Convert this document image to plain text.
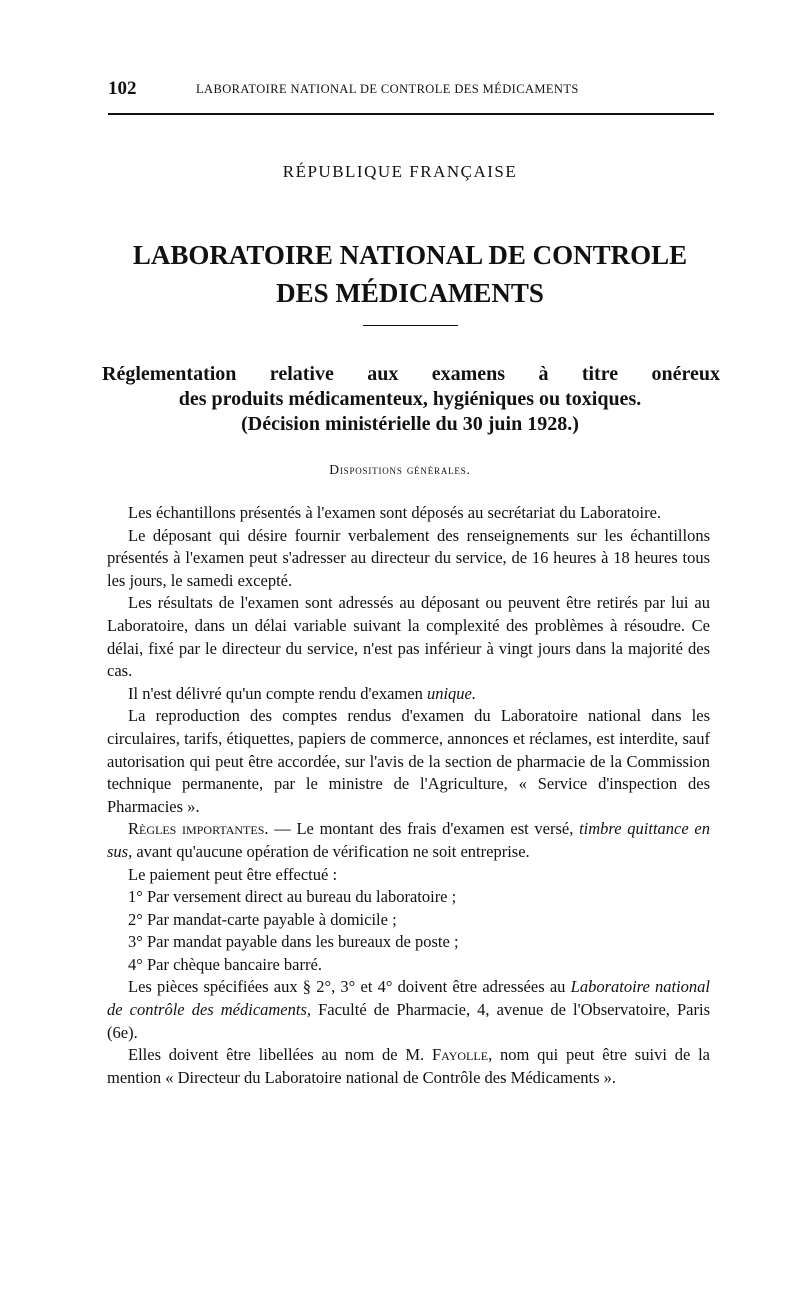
102	LABORATOIRE NATIONAL DE CONTROLE DES MÉDICAMENTS
RÉPUBLIQUE FRANÇAISE
LABORATOIRE NATIONAL DE CONTROLE
DES MÉDICAMENTS
Réglementation relative aux examens à titre onéreux
des produits médicamenteux, hygiéniques ou toxiques.
(Décision ministérielle du 30 juin 1928.)
Dispositions générales.

Les échantillons présentés à l'examen sont déposés au secrétariat du Laboratoire.

Le déposant qui désire fournir verbalement des renseignements sur les échantillons présentés à l'examen peut s'adresser au directeur du service, de 16 heures à 18 heures tous les jours, le samedi excepté.

Les résultats de l'examen sont adressés au déposant ou peuvent être retirés par lui au Laboratoire, dans un délai variable suivant la complexité des problèmes à résoudre. Ce délai, fixé par le directeur du service, n'est pas inférieur à vingt jours dans la majorité des cas.

Il n'est délivré qu'un compte rendu d'examen unique.

La reproduction des comptes rendus d'examen du Laboratoire national dans les circulaires, tarifs, étiquettes, papiers de commerce, annonces et réclames, est interdite, sauf autorisation qui peut être accordée, sur l'avis de la section de pharmacie de la Commission technique permanente, par le ministre de l'Agriculture, « Service d'inspection des Pharmacies ».

Règles importantes. — Le montant des frais d'examen est versé, timbre quittance en sus, avant qu'aucune opération de vérification ne soit entreprise.

Le paiement peut être effectué :

1° Par versement direct au bureau du laboratoire ;

2° Par mandat-carte payable à domicile ;

3° Par mandat payable dans les bureaux de poste ;

4° Par chèque bancaire barré.

Les pièces spécifiées aux § 2°, 3° et 4° doivent être adressées au Laboratoire national de contrôle des médicaments, Faculté de Pharmacie, 4, avenue de l'Observatoire, Paris (6e).

Elles doivent être libellées au nom de M. Fayolle, nom qui peut être suivi de la mention « Directeur du Laboratoire national de Contrôle des Médicaments ».
